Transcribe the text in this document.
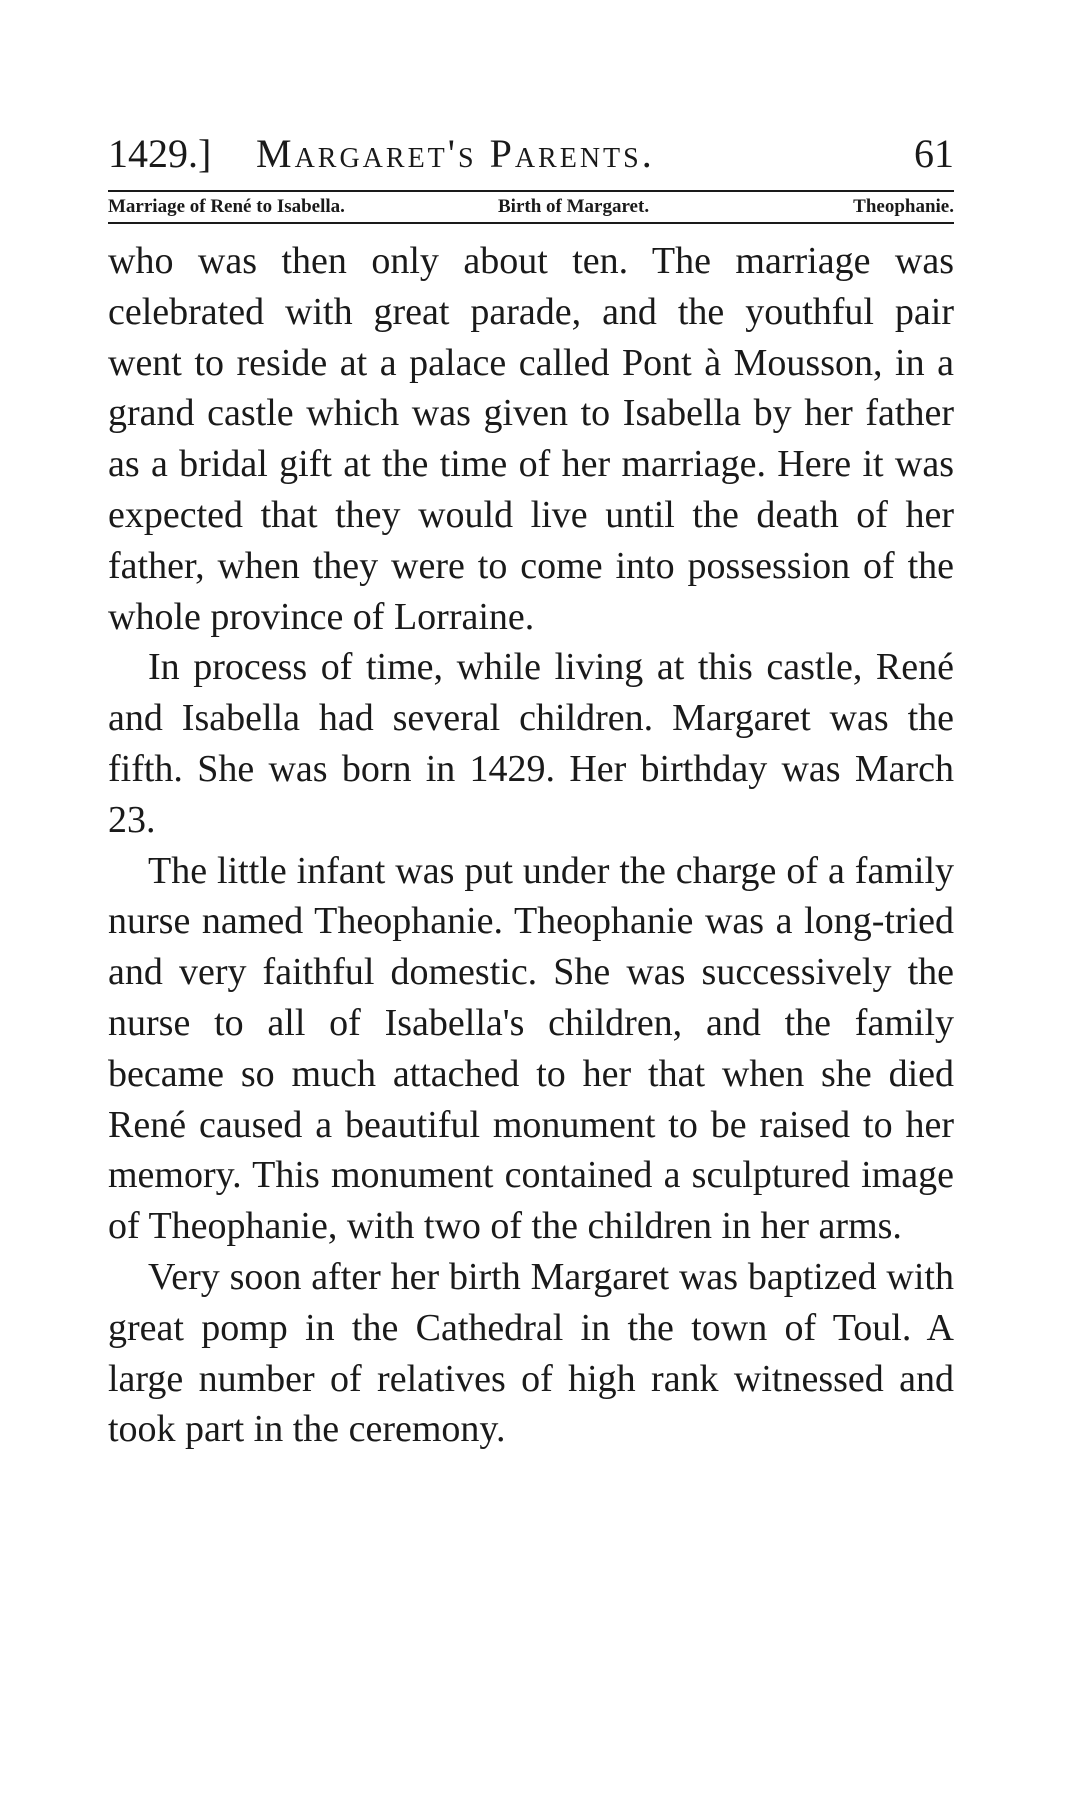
1429.] Margaret's Parents.	61
Marriage of René to Isabella.	Birth of Margaret.	Theophanie.

who was then only about ten. The marriage was celebrated with great parade, and the youthful pair went to reside at a palace called Pont à Mousson, in a grand castle which was given to Isabella by her father as a bridal gift at the time of her marriage. Here it was expected that they would live until the death of her father, when they were to come into possession of the whole province of Lorraine.

In process of time, while living at this castle, René and Isabella had several children. Margaret was the fifth. She was born in 1429. Her birthday was March 23.

The little infant was put under the charge of a family nurse named Theophanie. Theophanie was a long-tried and very faithful domestic. She was successively the nurse to all of Isabella's children, and the family became so much attached to her that when she died René caused a beautiful monument to be raised to her memory. This monument contained a sculptured image of Theophanie, with two of the children in her arms.

Very soon after her birth Margaret was baptized with great pomp in the Cathedral in the town of Toul. A large number of relatives of high rank witnessed and took part in the ceremony.
